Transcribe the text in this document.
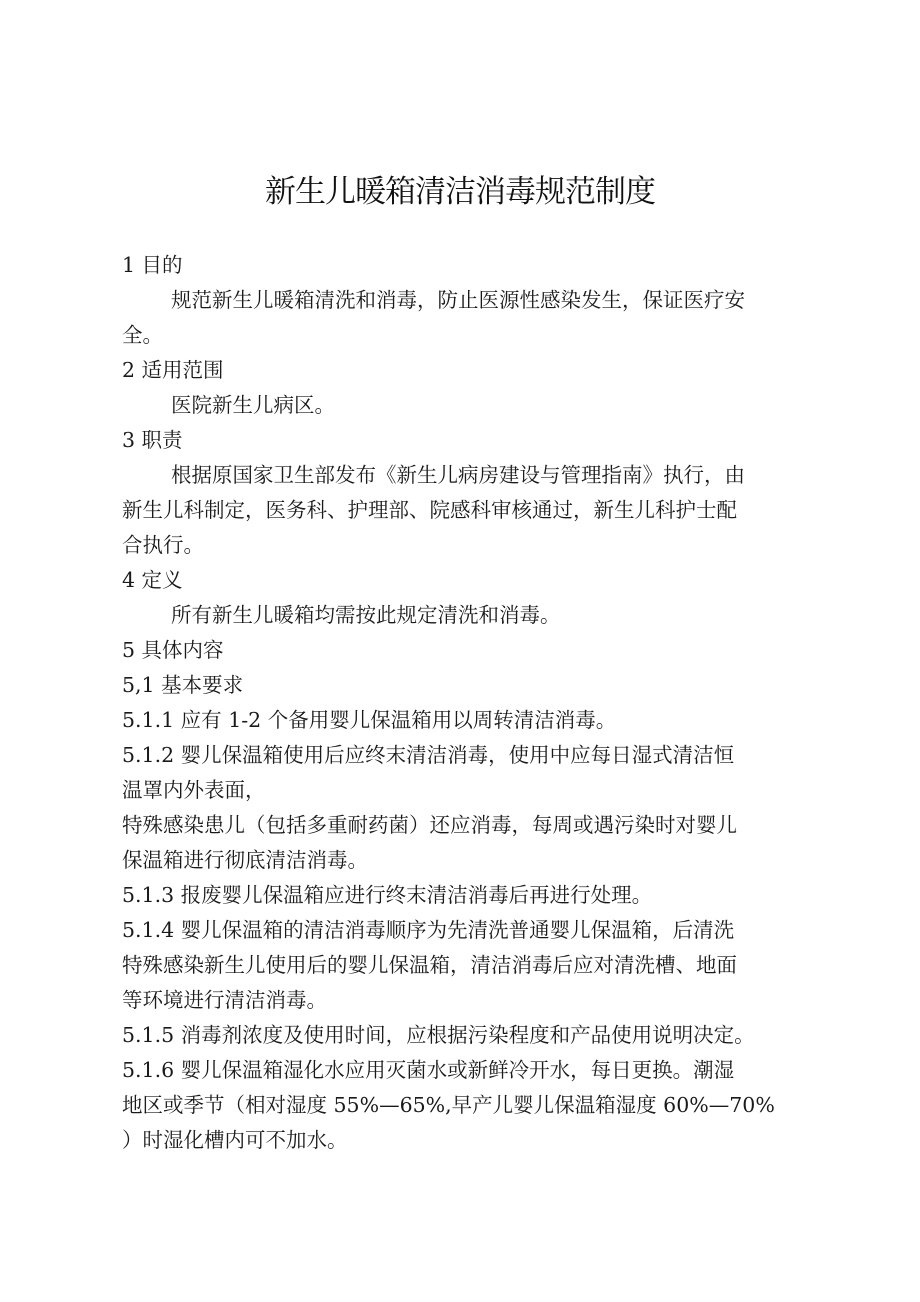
新生儿暖箱清洁消毒规范制度

1 目的

规范新生儿暖箱清洗和消毒，防止医源性感染发生，保证医疗安

全。

2 适用范围

医院新生儿病区。

3 职责

根据原国家卫生部发布《新生儿病房建设与管理指南》执行，由

新生儿科制定，医务科、护理部、院感科审核通过，新生儿科护士配

合执行。

4 定义

所有新生儿暖箱均需按此规定清洗和消毒。

5 具体内容

5,1 基本要求

5.1.1 应有 1-2 个备用婴儿保温箱用以周转清洁消毒。

5.1.2 婴儿保温箱使用后应终末清洁消毒，使用中应每日湿式清洁恒

温罩内外表面，

特殊感染患儿（包括多重耐药菌）还应消毒，每周或遇污染时对婴儿

保温箱进行彻底清洁消毒。

5.1.3 报废婴儿保温箱应进行终末清洁消毒后再进行处理。

5.1.4 婴儿保温箱的清洁消毒顺序为先清洗普通婴儿保温箱，后清洗

特殊感染新生儿使用后的婴儿保温箱，清洁消毒后应对清洗槽、地面

等环境进行清洁消毒。

5.1.5 消毒剂浓度及使用时间，应根据污染程度和产品使用说明决定。

5.1.6 婴儿保温箱湿化水应用灭菌水或新鲜冷开水，每日更换。潮湿

地区或季节（相对湿度 55%—65%,早产儿婴儿保温箱湿度 60%—70%

）时湿化槽内可不加水。
